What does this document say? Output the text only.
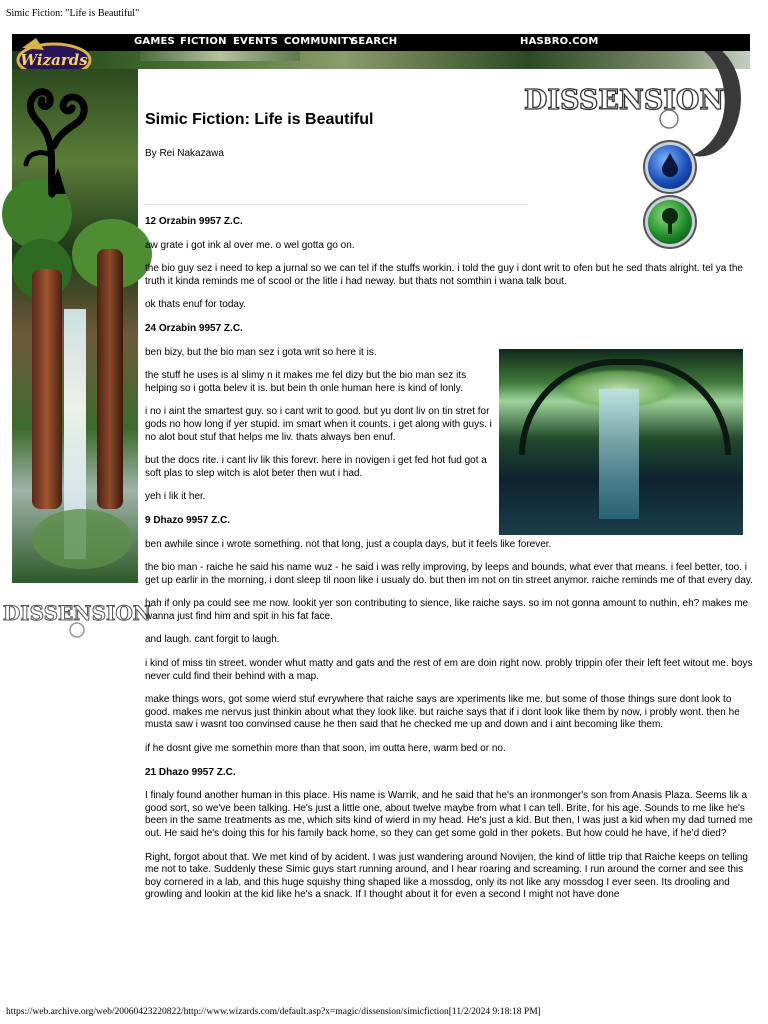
Simic Fiction: "Life is Beautiful"
GAMES FICTION EVENTS COMMUNITY
SEARCH	HASBRO.COM
Wizards
DISSENSION
DISSENSION
Simic Fiction: Life is Beautiful
By Rei Nakazawa
12 Orzabin 9957 Z.C.

aw grate i got ink al over me. o wel gotta go on.

the bio guy sez i need to kep a jurnal so we can tel if the stuffs workin. i told the guy i dont writ to ofen but he sed thats alright. tel ya the truth it kinda reminds me of scool or the litle i had neway. but thats not somthin i wana talk bout.

ok thats enuf for today.

24 Orzabin 9957 Z.C.

ben bizy, but the bio man sez i gota writ so here it is.

the stuff he uses is al slimy n it makes me fel dizy but the bio man sez its helping so i gotta belev it is. but bein th onle human here is kind of lonly.

i no i aint the smartest guy. so i cant writ to good. but yu dont liv on tin stret for gods no how long if yer stupid. im smart when it counts. i get along with guys. i no alot bout stuf that helps me liv. thats always ben enuf.

but the docs rite. i cant liv lik this forevr. here in novigen i get fed hot fud got a soft plas to slep witch is alot beter then wut i had.

yeh i lik it her.

9 Dhazo 9957 Z.C.

ben awhile since i wrote something. not that long, just a coupla days, but it feels like forever.

the bio man - raiche he said his name wuz - he said i was relly improving, by leeps and bounds, what ever that means. i feel better, too. i get up earlir in the morning, i dont sleep til noon like i usualy do. but then im not on tin street anymor. raiche reminds me of that every day.

hah if only pa could see me now. lookit yer son contributing to sience, like raiche says. so im not gonna amount to nuthin, eh? makes me wanna just find him and spit in his fat face.

and laugh. cant forgit to laugh.

i kind of miss tin street. wonder whut matty and gats and the rest of em are doin right now. probly trippin ofer their left feet witout me. boys never culd find their behind with a map.

make things wors, got some wierd stuf evrywhere that raiche says are xperiments like me. but some of those things sure dont look to good. makes me nervus just thinkin about what they look like. but raiche says that if i dont look like them by now, i probly wont. then he musta saw i wasnt too convinsed cause he then said that he checked me up and down and i aint becoming like them.

if he dosnt give me somethin more than that soon, im outta here, warm bed or no.

21 Dhazo 9957 Z.C.

I finaly found another human in this place. His name is Warrik, and he said that he's an ironmonger's son from Anasis Plaza. Seems lik a good sort, so we've been talking. He's just a little one, about twelve maybe from what I can tell. Brite, for his age. Sounds to me like he's been in the same treatments as me, which sits kind of wierd in my head. He's just a kid. But then, I was just a kid when my dad turned me out. He said he's doing this for his family back home, so they can get some gold in ther pokets. But how could he have, if he'd died?

Right, forgot about that. We met kind of by acident. I was just wandering around Novijen, the kind of little trip that Raiche keeps on telling me not to take. Suddenly these Simic guys start running around, and I hear roaring and screaming. I run around the corner and see this boy cornered in a lab, and this huge squishy thing shaped like a mossdog, only its not like any mossdog I ever seen. Its drooling and growling and lookin at the kid like he's a snack. If I thought about it for even a second I might not have done

https://web.archive.org/web/20060423220822/http://www.wizards.com/default.asp?x=magic/dissension/simicfiction[11/2/2024 9:18:18 PM]
